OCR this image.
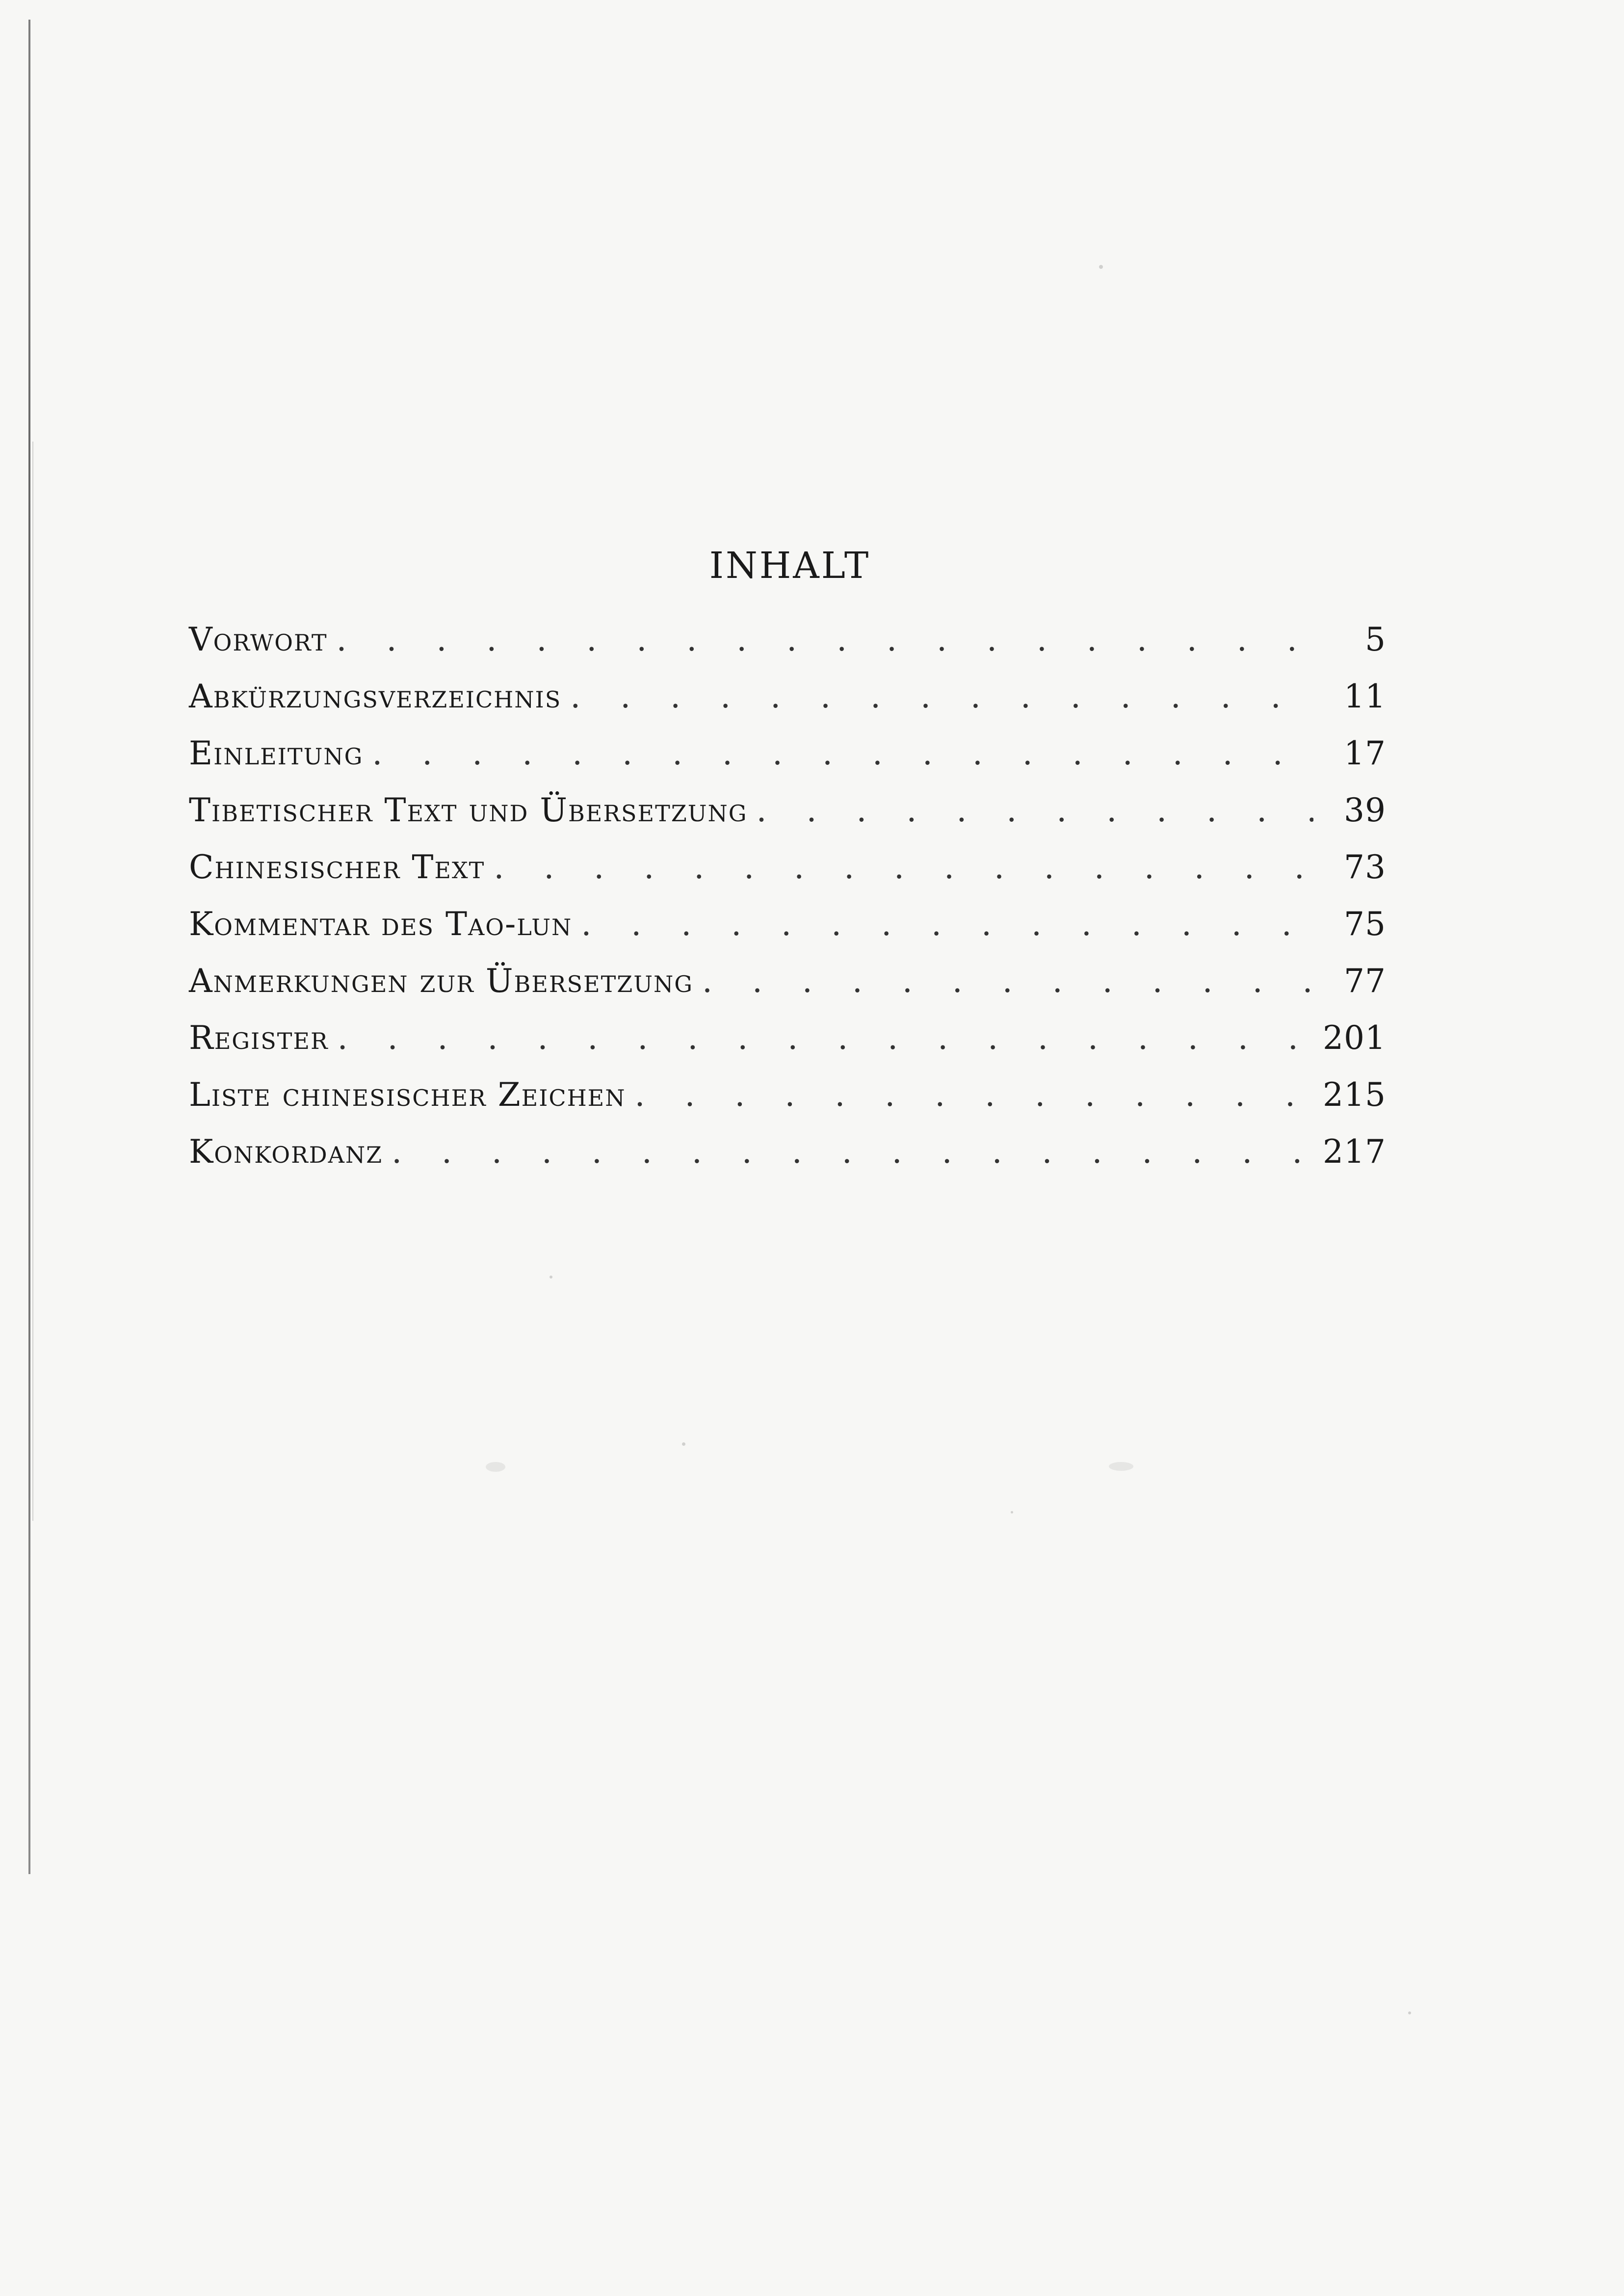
INHALT
Vorwort . . .	5
Abkürzungsverzeichnis . . .	11
Einleitung . . .	17
Tibetischer Text und Übersetzung . . .	39
Chinesischer Text . . .	73
Kommentar des Tao-lun . . .	75
Anmerkungen zur Übersetzung . . .	77
Register . . .	201
Liste chinesischer Zeichen . . .	215
Konkordanz . . .	217
